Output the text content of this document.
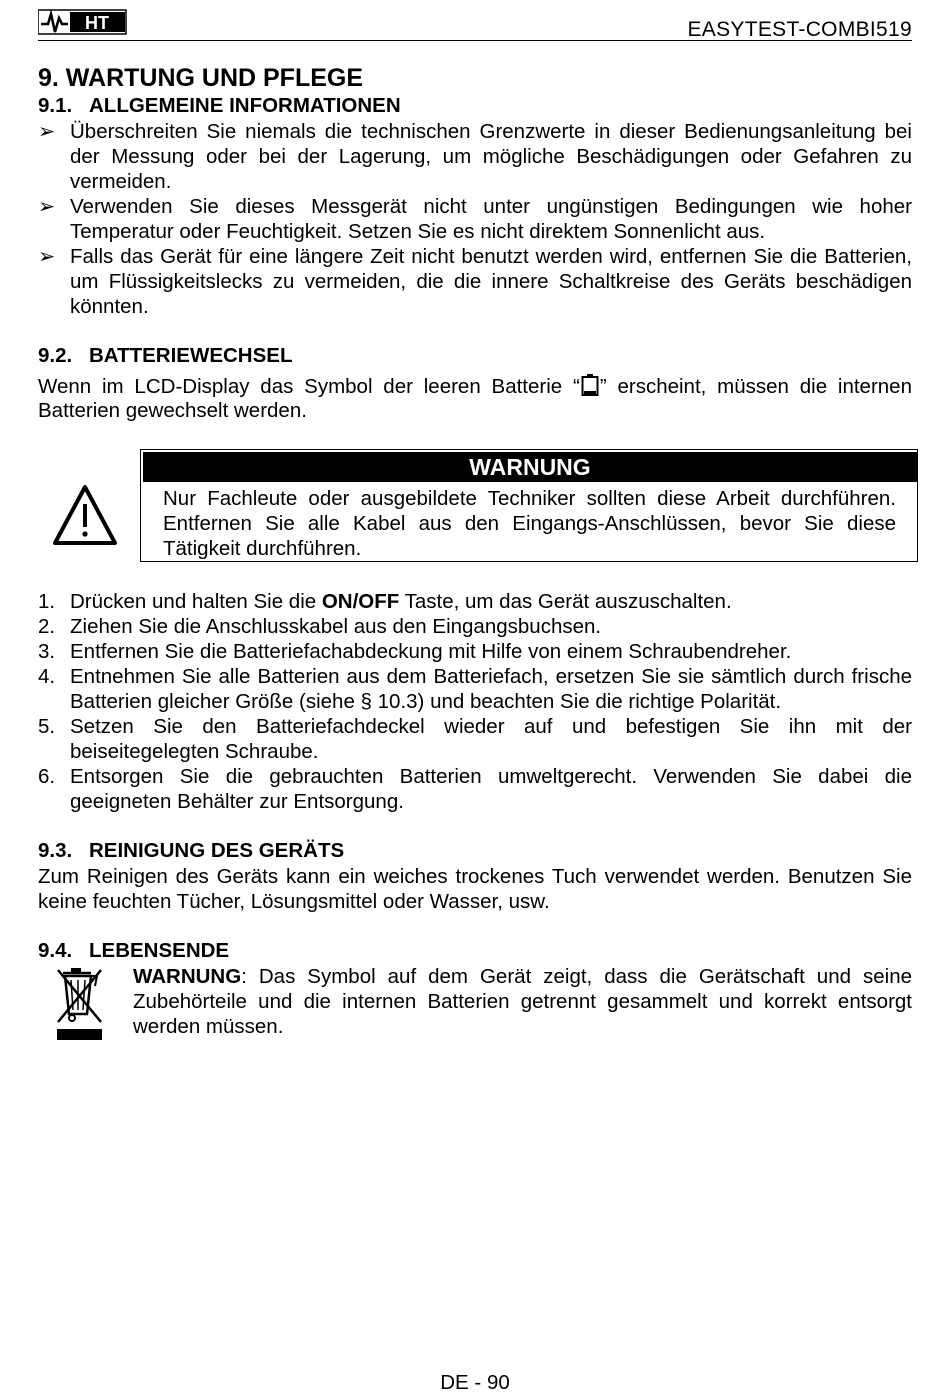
HT	EASYTEST-COMBI519
9. WARTUNG UND PFLEGE
9.1. ALLGEMEINE INFORMATIONEN
➢ Überschreiten Sie niemals die technischen Grenzwerte in dieser Bedienungsanleitung bei der Messung oder bei der Lagerung, um mögliche Beschädigungen oder Gefahren zu vermeiden.
➢ Verwenden Sie dieses Messgerät nicht unter ungünstigen Bedingungen wie hoher Temperatur oder Feuchtigkeit. Setzen Sie es nicht direktem Sonnenlicht aus.
➢ Falls das Gerät für eine längere Zeit nicht benutzt werden wird, entfernen Sie die Batterien, um Flüssigkeitslecks zu vermeiden, die die innere Schaltkreise des Geräts beschädigen könnten.
9.2. BATTERIEWECHSEL
Wenn im LCD-Display das Symbol der leeren Batterie “ ” erscheint, müssen die internen
Batterien gewechselt werden.
WARNUNG
Nur Fachleute oder ausgebildete Techniker sollten diese Arbeit durchführen. Entfernen Sie alle Kabel aus den Eingangs-Anschlüssen, bevor Sie diese Tätigkeit durchführen.
1. Drücken und halten Sie die ON/OFF Taste, um das Gerät auszuschalten.
2. Ziehen Sie die Anschlusskabel aus den Eingangsbuchsen.
3. Entfernen Sie die Batteriefachabdeckung mit Hilfe von einem Schraubendreher.
4. Entnehmen Sie alle Batterien aus dem Batteriefach, ersetzen Sie sie sämtlich durch frische Batterien gleicher Größe (siehe § 10.3) und beachten Sie die richtige Polarität.
5. Setzen Sie den Batteriefachdeckel wieder auf und befestigen Sie ihn mit der beiseitegelegten Schraube.
6. Entsorgen Sie die gebrauchten Batterien umweltgerecht. Verwenden Sie dabei die geeigneten Behälter zur Entsorgung.
9.3. REINIGUNG DES GERÄTS
Zum Reinigen des Geräts kann ein weiches trockenes Tuch verwendet werden. Benutzen Sie keine feuchten Tücher, Lösungsmittel oder Wasser, usw.
9.4. LEBENSENDE
WARNUNG: Das Symbol auf dem Gerät zeigt, dass die Gerätschaft und seine Zubehörteile und die internen Batterien getrennt gesammelt und korrekt entsorgt werden müssen.
DE - 90
